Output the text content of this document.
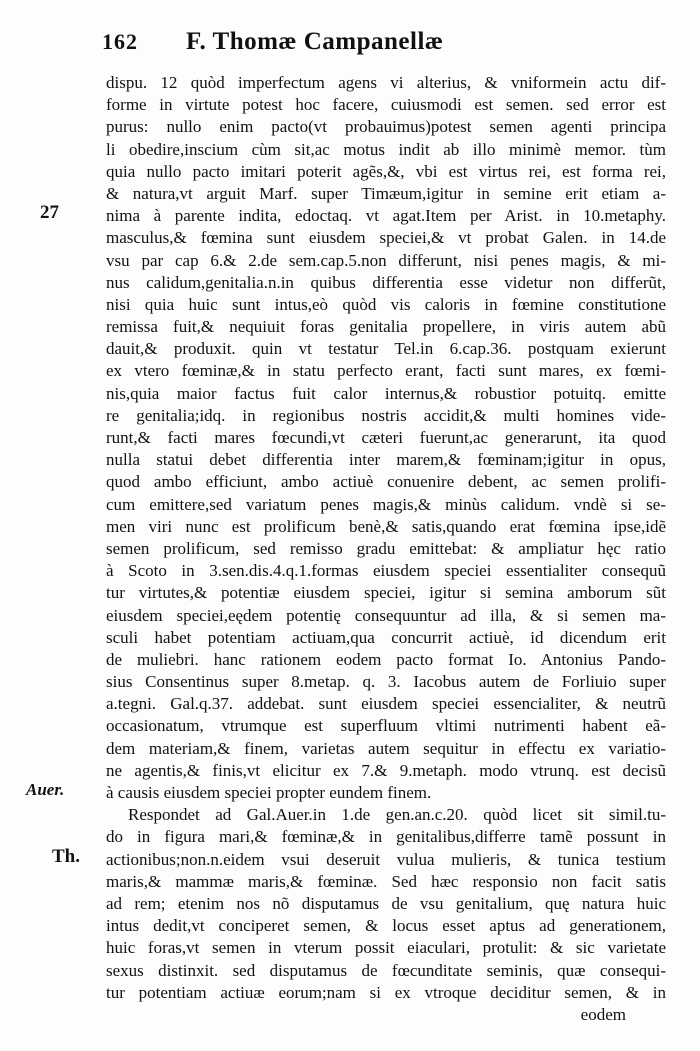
162 F. Thomæ Campanellæ
27
Auer.
Th.
dispu. 12 quòd imperfectum agens vi alterius, & vniformein actu dif-
forme in virtute potest hoc facere, cuiusmodi est semen. sed error est
purus: nullo enim pacto(vt probauimus)potest semen agenti principa
li obedire,inscium cùm sit,ac motus indit ab illo minimè memor. tùm
quia nullo pacto imitari poterit agẽs,&, vbi est virtus rei, est forma rei,
& natura,vt arguit Marf. super Timæum,igitur in semine erit etiam a-
nima à parente indita, edoctaq. vt agat.Item per Arist. in 10.metaphy.
masculus,& fœmina sunt eiusdem speciei,& vt probat Galen. in 14.de
vsu par cap 6.& 2.de sem.cap.5.non differunt, nisi penes magis, & mi-
nus calidum,genitalia.n.in quibus differentia esse videtur non differũt,
nisi quia huic sunt intus,eò quòd vis caloris in fœmine constitutione
remissa fuit,& nequiuit foras genitalia propellere, in viris autem abũ
dauit,& produxit. quin vt testatur Tel.in 6.cap.36. postquam exierunt
ex vtero fœminæ,& in statu perfecto erant, facti sunt mares, ex fœmi-
nis,quia maior factus fuit calor internus,& robustior potuitq. emitte
re genitalia;idq. in regionibus nostris accidit,& multi homines vide-
runt,& facti mares fœcundi,vt cæteri fuerunt,ac generarunt, ita quod
nulla statui debet differentia inter marem,& fœminam;igitur in opus,
quod ambo efficiunt, ambo actiuè conuenire debent, ac semen prolifi-
cum emittere,sed variatum penes magis,& minùs calidum. vndè si se-
men viri nunc est prolificum benè,& satis,quando erat fœmina ipse,idẽ
semen prolificum, sed remisso gradu emittebat: & ampliatur hęc ratio
à Scoto in 3.sen.dis.4.q.1.formas eiusdem speciei essentialiter consequũ
tur virtutes,& potentiæ eiusdem speciei, igitur si semina amborum sũt
eiusdem speciei,eędem potentię consequuntur ad illa, & si semen ma-
sculi habet potentiam actiuam,qua concurrit actiuè, id dicendum erit
de muliebri. hanc rationem eodem pacto format Io. Antonius Pando-
sius Consentinus super 8.metap. q. 3. Iacobus autem de Forliuio super
a.tegni. Gal.q.37. addebat. sunt eiusdem speciei essencialiter, & neutrũ
occasionatum, vtrumque est superfluum vltimi nutrimenti habent eã-
dem materiam,& finem, varietas autem sequitur in effectu ex variatio-
ne agentis,& finis,vt elicitur ex 7.& 9.metaph. modo vtrunq. est decisũ
à causis eiusdem speciei propter eundem finem.
Respondet ad Gal.Auer.in 1.de gen.an.c.20. quòd licet sit simil.tu-
do in figura mari,& fœminæ,& in genitalibus,differre tamẽ possunt in
actionibus;non.n.eidem vsui deseruit vulua mulieris, & tunica testium
maris,& mammæ maris,& fœminæ. Sed hæc responsio non facit satis
ad rem; etenim nos nõ disputamus de vsu genitalium, quę natura huic
intus dedit,vt conciperet semen, & locus esset aptus ad generationem,
huic foras,vt semen in vterum possit eiaculari, protulit: & sic varietate
sexus distinxit. sed disputamus de fœcunditate seminis, quæ consequi-
tur potentiam actiuæ eorum;nam si ex vtroque deciditur semen, & in
eodem
